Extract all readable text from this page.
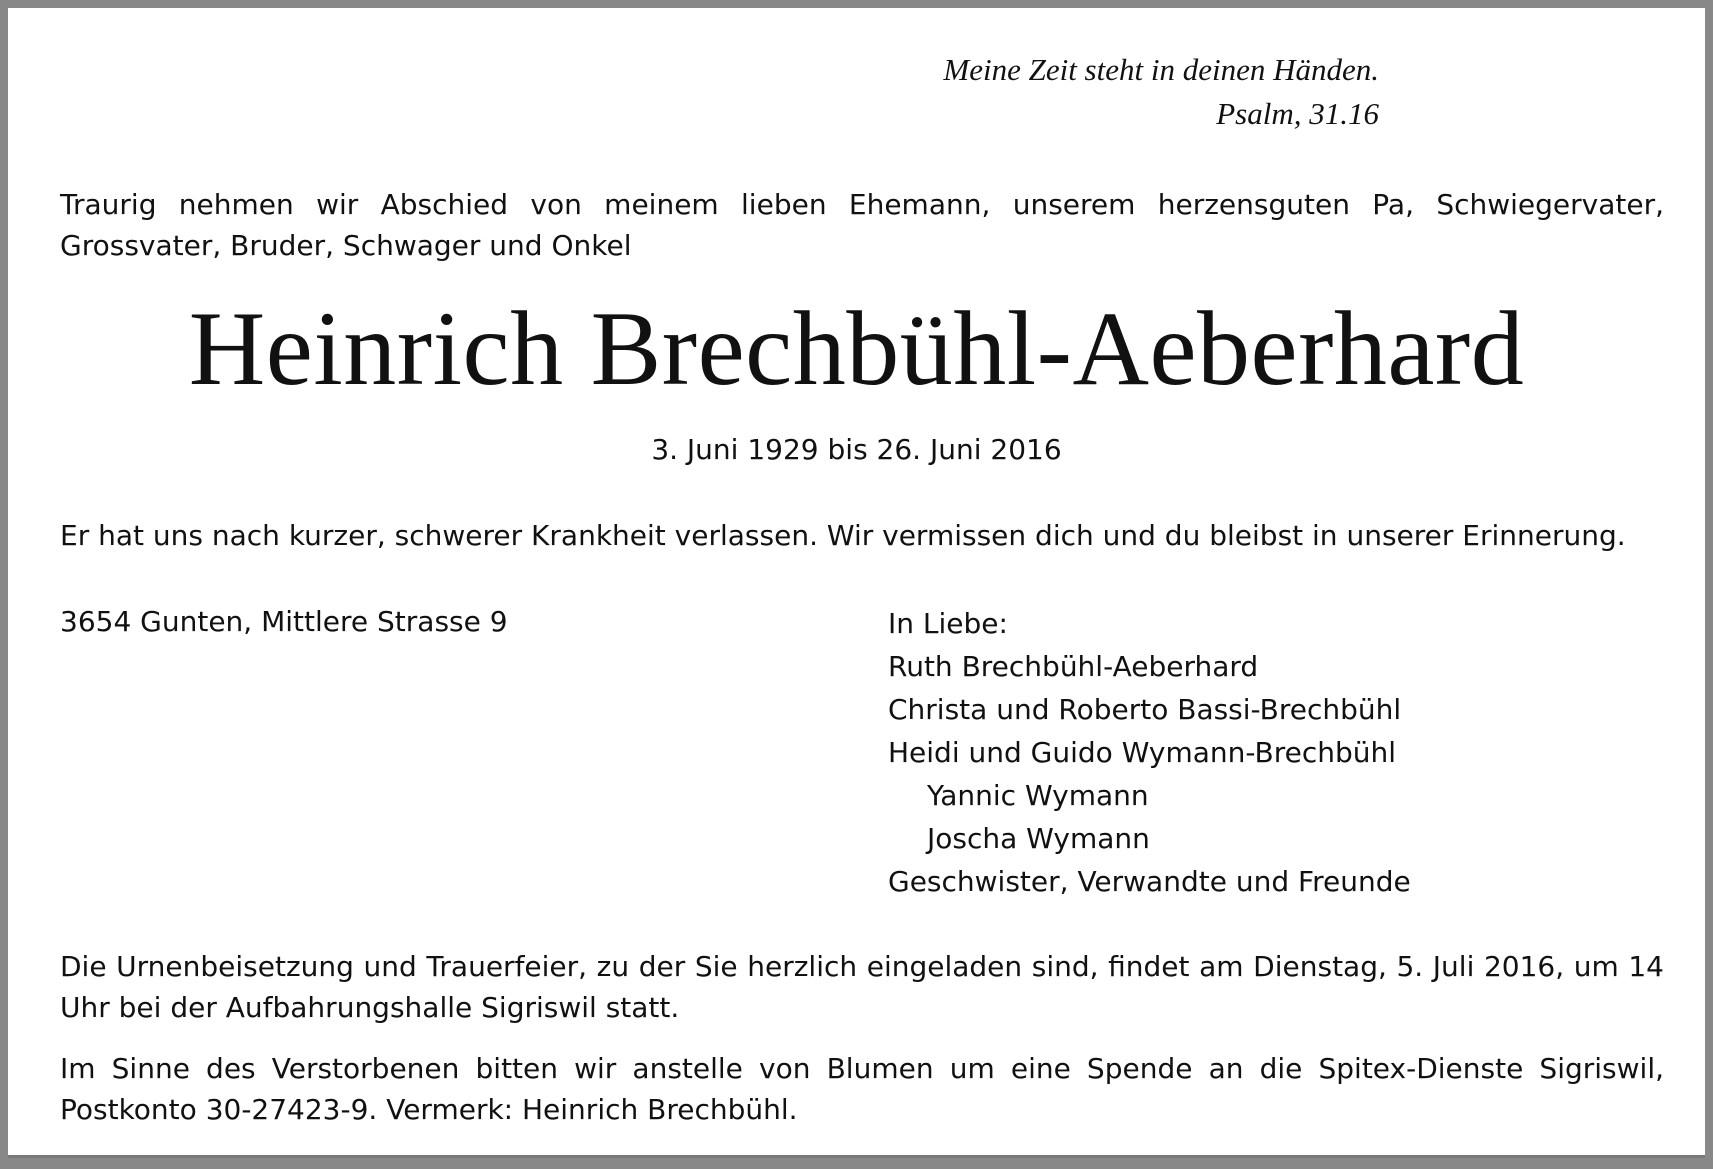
Meine Zeit steht in deinen Händen.
Psalm, 31.16
Traurig nehmen wir Abschied von meinem lieben Ehemann, unserem herzensguten Pa, Schwiegervater, Grossvater, Bruder, Schwager und Onkel
Heinrich Brechbühl-Aeberhard
3. Juni 1929 bis 26. Juni 2016
Er hat uns nach kurzer, schwerer Krankheit verlassen. Wir vermissen dich und du bleibst in unserer Erinnerung.
3654 Gunten, Mittlere Strasse 9	In Liebe:
Ruth Brechbühl-Aeberhard
Christa und Roberto Bassi-Brechbühl
Heidi und Guido Wymann-Brechbühl
Yannic Wymann
Joscha Wymann
Geschwister, Verwandte und Freunde
Die Urnenbeisetzung und Trauerfeier, zu der Sie herzlich eingeladen sind, findet am Dienstag, 5. Juli 2016, um 14 Uhr bei der Aufbahrungshalle Sigriswil statt.
Im Sinne des Verstorbenen bitten wir anstelle von Blumen um eine Spende an die Spitex-Dienste Sigriswil, Postkonto 30-27423-9. Vermerk: Heinrich Brechbühl.
